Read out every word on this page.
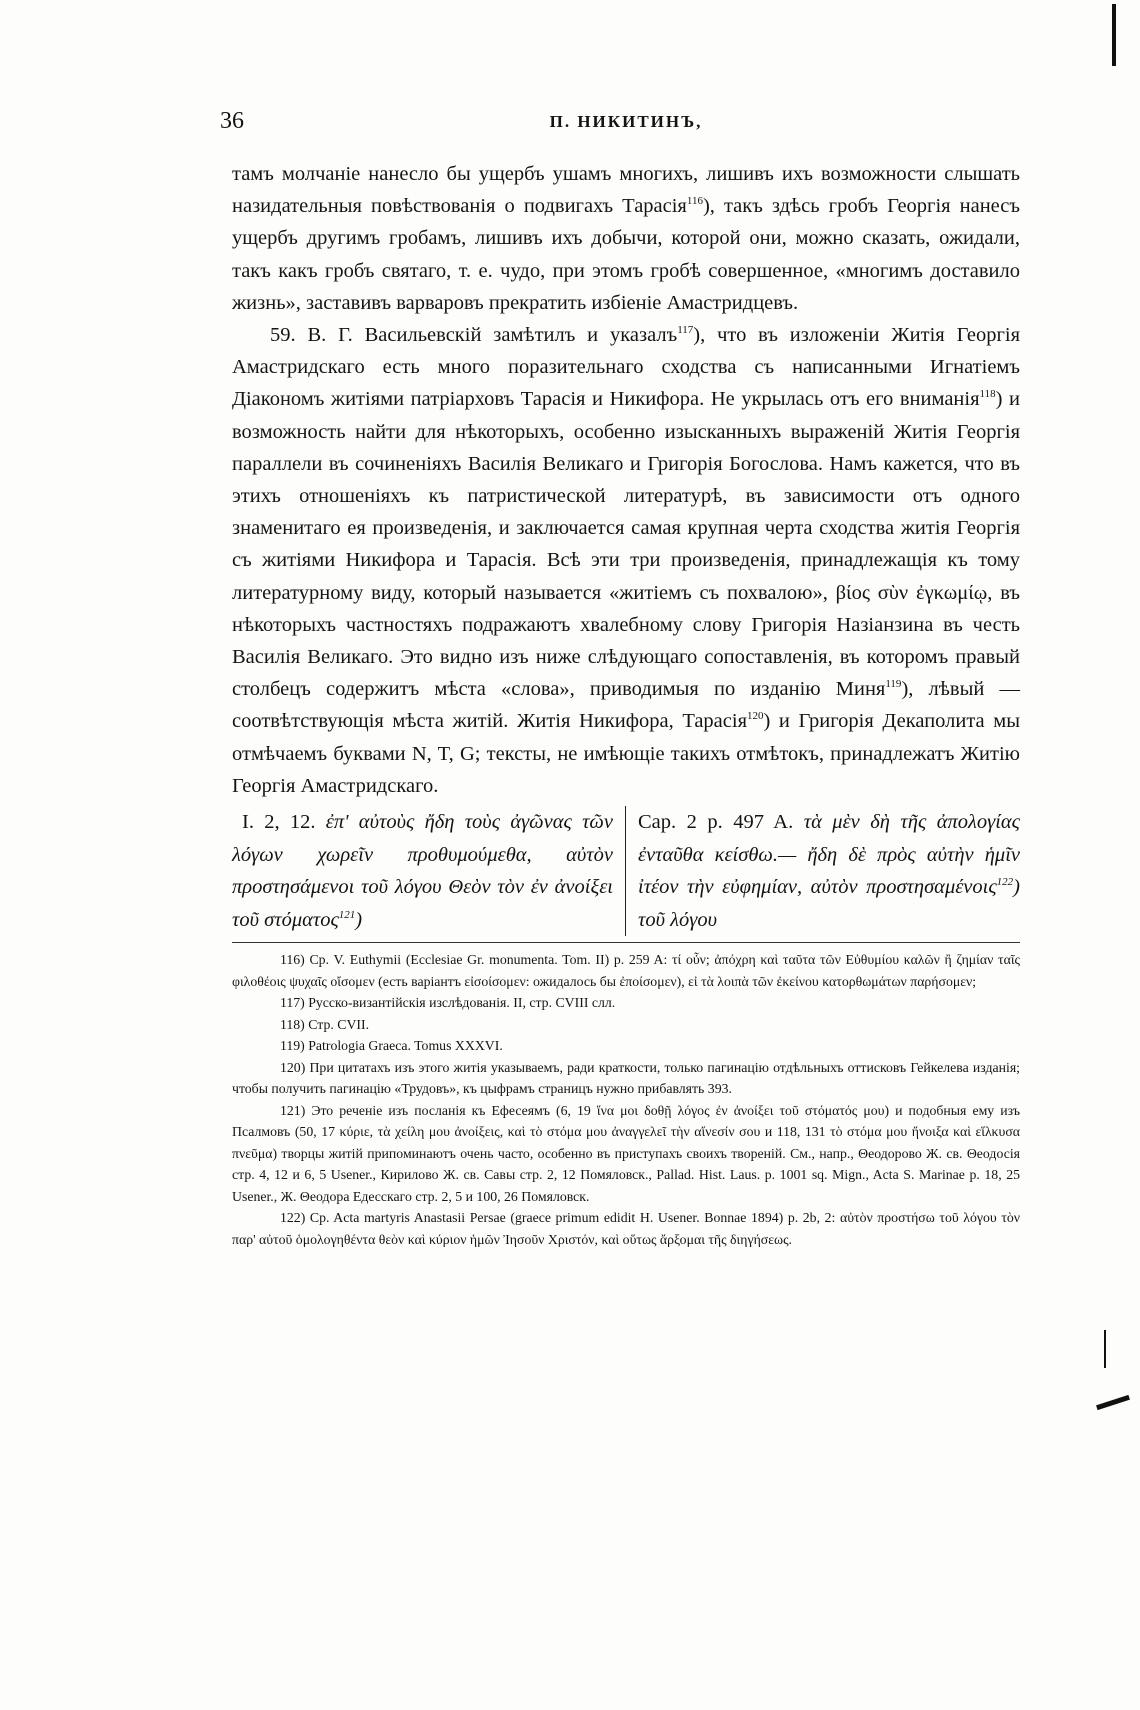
36	П. НИКИТИНЪ,

тамъ молчаніе нанесло бы ущербъ ушамъ многихъ, лишивъ ихъ возможности слышать назидательныя повѣствованія о подвигахъ Тарасія$^{116}$), такъ здѣсь гробъ Георгія нанесъ ущербъ другимъ гробамъ, лишивъ ихъ добычи, которой они, можно сказать, ожидали, такъ какъ гробъ святаго, т. е. чудо, при этомъ гробѣ совершенное, «многимъ доставило жизнь», заставивъ варваровъ прекратить избіеніе Амастридцевъ.

59. В. Г. Васильевскій замѣтилъ и указалъ$^{117}$), что въ изложеніи Житія Георгія Амастридскаго есть много поразительнаго сходства съ написанными Игнатіемъ Діакономъ житіями патріарховъ Тарасія и Никифора. Не укрылась отъ его вниманія$^{118}$) и возможность найти для нѣкоторыхъ, особенно изысканныхъ выраженій Житія Георгія параллели въ сочиненіяхъ Василія Великаго и Григорія Богослова. Намъ кажется, что въ этихъ отношеніяхъ къ патристической литературѣ, въ зависимости отъ одного знаменитаго ея произведенія, и заключается самая крупная черта сходства житія Георгія съ житіями Никифора и Тарасія. Всѣ эти три произведенія, принадлежащія къ тому литературному виду, который называется «житіемъ съ похвалою», βίος σὺν ἐγκωμίῳ, въ нѣкоторыхъ частностяхъ подражаютъ хвалебному слову Григорія Назіанзина въ честь Василія Великаго. Это видно изъ ниже слѣдующаго сопоставленія, въ которомъ правый столбецъ содержитъ мѣста «слова», приводимыя по изданію Миня$^{119}$), лѣвый — соотвѣтствующія мѣста житій. Житія Никифора, Тарасія$^{120}$) и Григорія Декаполита мы отмѣчаемъ буквами N, T, G; тексты, не имѣющіе такихъ отмѣтокъ, принадлежатъ Житію Георгія Амастридскаго.

I. 2, 12. ἐπ' αὐτοὺς ἤδη τοὺς ἀγῶνας τῶν λόγων χωρεῖν προθυμούμεθα, αὐτὸν προστησάμενοι τοῦ λόγου Θεὸν τὸν ἐν ἀνοίξει τοῦ στόματος$^{121}$)
Cap. 2 p. 497 A. τὰ μὲν δὴ τῆς ἀπολογίας ἐνταῦθα κείσθω.— ἤδη δὲ πρὸς αὐτὴν ἡμῖν ἰτέον τὴν εὐφημίαν, αὐτὸν προστησαμένοις$^{122}$) τοῦ λόγου

116) Cp. V. Euthymii (Ecclesiae Gr. monumenta. Tom. II) p. 259 A: τί οὖν; ἀπόχρη καὶ ταῦτα τῶν Εὐθυμίου καλῶν ἢ ζημίαν ταῖς φιλοθέοις ψυχαῖς οἴσομεν (есть варіантъ εἰσοίσομεν: ожидалось бы ἐποίσομεν), εἰ τὰ λοιπὰ τῶν ἐκείνου κατορθωμάτων παρήσομεν;

117) Русско-византійскія изслѣдованія. II, стр. CVIII слл.

118) Стр. CVII.

119) Patrologia Graeca. Tomus XXXVI.

120) При цитатахъ изъ этого житія указываемъ, ради краткости, только пагинацію отдѣльныхъ оттисковъ Гейкелева изданія; чтобы получить пагинацію «Трудовъ», къ цыфрамъ страницъ нужно прибавлять 393.

121) Это реченіе изъ посланія къ Ефесеямъ (6, 19 ἵνα μοι δοθῇ λόγος ἐν ἀνοίξει τοῦ στόματός μου) и подобныя ему изъ Псалмовъ (50, 17 κύριε, τὰ χείλη μου ἀνοίξεις, καὶ τὸ στόμα μου ἀναγγελεῖ τὴν αἴνεσίν σου и 118, 131 τὸ στόμα μου ἤνοιξα καὶ εἵλκυσα πνεῦμα) творцы житій припоминаютъ очень часто, особенно въ приступахъ своихъ твореній. См., напр., Θеодорово Ж. св. Θеодосія стр. 4, 12 и 6, 5 Usener., Кирилово Ж. св. Савы стр. 2, 12 Помяловск., Pallad. Hist. Laus. p. 1001 sq. Mign., Acta S. Marinae p. 18, 25 Usener., Ж. Θеодора Едесскаго стр. 2, 5 и 100, 26 Помяловск.

122) Cp. Acta martyris Anastasii Persae (graece primum edidit H. Usener. Bonnae 1894) p. 2b, 2: αὐτὸν προστήσω τοῦ λόγου τὸν παρ' αὐτοῦ ὁμολογηθέντα θεὸν καὶ κύριον ἡμῶν Ἰησοῦν Χριστόν, καὶ οὕτως ἄρξομαι τῆς διηγήσεως.
